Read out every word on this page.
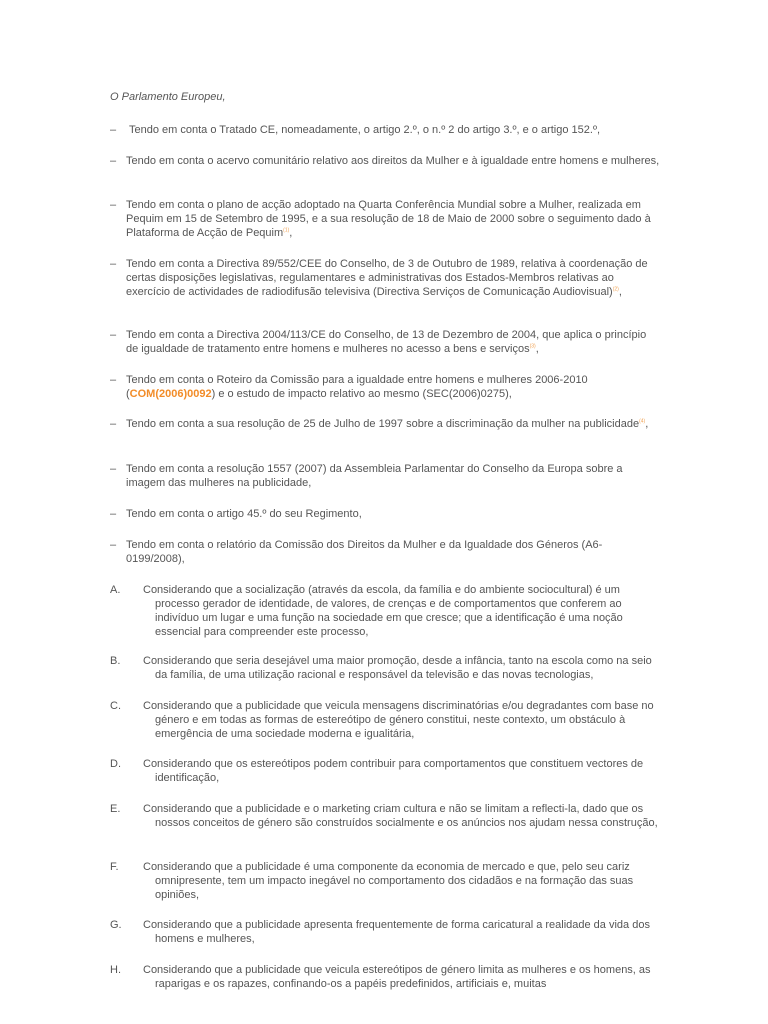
O Parlamento Europeu,
–	Tendo em conta o Tratado CE, nomeadamente, o artigo 2.º, o n.º 2 do artigo 3.º, e o artigo 152.º,
– Tendo em conta o acervo comunitário relativo aos direitos da Mulher e à igualdade entre homens e mulheres,
– Tendo em conta o plano de acção adoptado na Quarta Conferência Mundial sobre a Mulher, realizada em Pequim em 15 de Setembro de 1995, e a sua resolução de 18 de Maio de 2000 sobre o seguimento dado à Plataforma de Acção de Pequim$^{(1)}$,
– Tendo em conta a Directiva 89/552/CEE do Conselho, de 3 de Outubro de 1989, relativa à coordenação de certas disposições legislativas, regulamentares e administrativas dos Estados-Membros relativas ao exercício de actividades de radiodifusão televisiva (Directiva Serviços de Comunicação Audiovisual)$^{(2)}$,
– Tendo em conta a Directiva 2004/113/CE do Conselho, de 13 de Dezembro de 2004, que aplica o princípio de igualdade de tratamento entre homens e mulheres no acesso a bens e serviços$^{(3)}$,
– Tendo em conta o Roteiro da Comissão para a igualdade entre homens e mulheres 2006-2010 (COM(2006)0092) e o estudo de impacto relativo ao mesmo (SEC(2006)0275),
– Tendo em conta a sua resolução de 25 de Julho de 1997 sobre a discriminação da mulher na publicidade$^{(4)}$,
– Tendo em conta a resolução 1557 (2007) da Assembleia Parlamentar do Conselho da Europa sobre a imagem das mulheres na publicidade,
– Tendo em conta o artigo 45.º do seu Regimento,
– Tendo em conta o relatório da Comissão dos Direitos da Mulher e da Igualdade dos Géneros (A6-0199/2008),
A.	Considerando que a socialização (através da escola, da família e do ambiente sociocultural) é um processo gerador de identidade, de valores, de crenças e de comportamentos que conferem ao indivíduo um lugar e uma função na sociedade em que cresce; que a identificação é uma noção essencial para compreender este processo,
B.	Considerando que seria desejável uma maior promoção, desde a infância, tanto na escola como na seio da família, de uma utilização racional e responsável da televisão e das novas tecnologias,
C.	Considerando que a publicidade que veicula mensagens discriminatórias e/ou degradantes com base no género e em todas as formas de estereótipo de género constitui, neste contexto, um obstáculo à emergência de uma sociedade moderna e igualitária,
D.	Considerando que os estereótipos podem contribuir para comportamentos que constituem vectores de identificação,
E.	Considerando que a publicidade e o marketing criam cultura e não se limitam a reflecti-la, dado que os nossos conceitos de género são construídos socialmente e os anúncios nos ajudam nessa construção,
F.	Considerando que a publicidade é uma componente da economia de mercado e que, pelo seu cariz omnipresente, tem um impacto inegável no comportamento dos cidadãos e na formação das suas opiniões,
G.	Considerando que a publicidade apresenta frequentemente de forma caricatural a realidade da vida dos homens e mulheres,
H.	Considerando que a publicidade que veicula estereótipos de género limita as mulheres e os homens, as raparigas e os rapazes, confinando-os a papéis predefinidos, artificiais e, muitas
